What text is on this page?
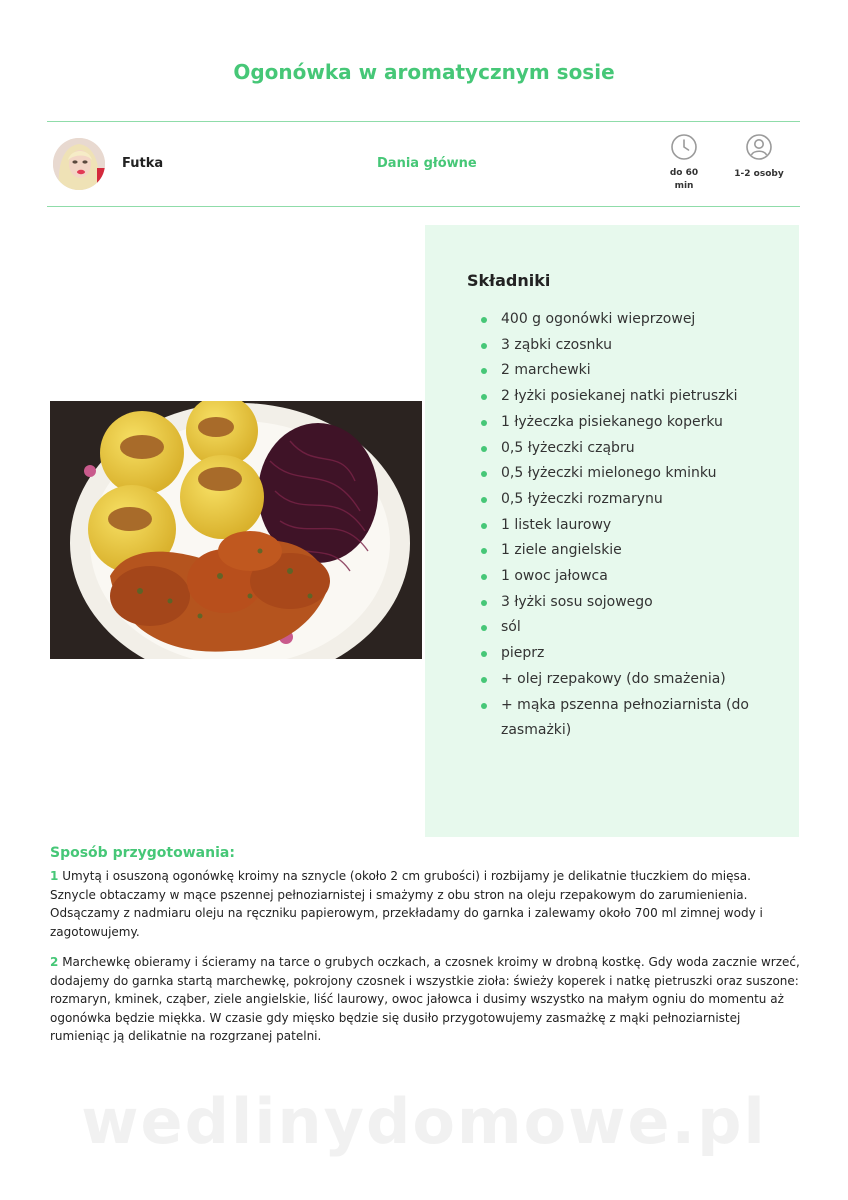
Ogonówka w aromatycznym sosie
Futka	Dania główne
do 60
min
1-2 osoby
Składniki
400 g ogonówki wieprzowej
3 ząbki czosnku
2 marchewki
2 łyżki posiekanej natki pietruszki
1 łyżeczka pisiekanego koperku
0,5 łyżeczki cząbru
0,5 łyżeczki mielonego kminku
0,5 łyżeczki rozmarynu
1 listek laurowy
1 ziele angielskie
1 owoc jałowca
3 łyżki sosu sojowego
sól
pieprz
+ olej rzepakowy (do smażenia)
+ mąka pszenna pełnoziarnista (do zasmażki)
Sposób przygotowania:

1 Umytą i osuszoną ogonówkę kroimy na sznycle (około 2 cm grubości) i rozbijamy je delikatnie tłuczkiem do mięsa. Sznycle obtaczamy w mące pszennej pełnoziarnistej i smażymy z obu stron na oleju rzepakowym do zarumienienia. Odsączamy z nadmiaru oleju na ręczniku papierowym, przekładamy do garnka i zalewamy około 700 ml zimnej wody i zagotowujemy.

2 Marchewkę obieramy i ścieramy na tarce o grubych oczkach, a czosnek kroimy w drobną kostkę. Gdy woda zacznie wrzeć, dodajemy do garnka startą marchewkę, pokrojony czosnek i wszystkie zioła: świeży koperek i natkę pietruszki oraz suszone: rozmaryn, kminek, cząber, ziele angielskie, liść laurowy, owoc jałowca i dusimy wszystko na małym ogniu do momentu aż ogonówka będzie miękka. W czasie gdy mięsko będzie się dusiło przygotowujemy zasmażkę z mąki pełnoziarnistej rumieniąc ją delikatnie na rozgrzanej patelni.

wedlinydomowe.pl
